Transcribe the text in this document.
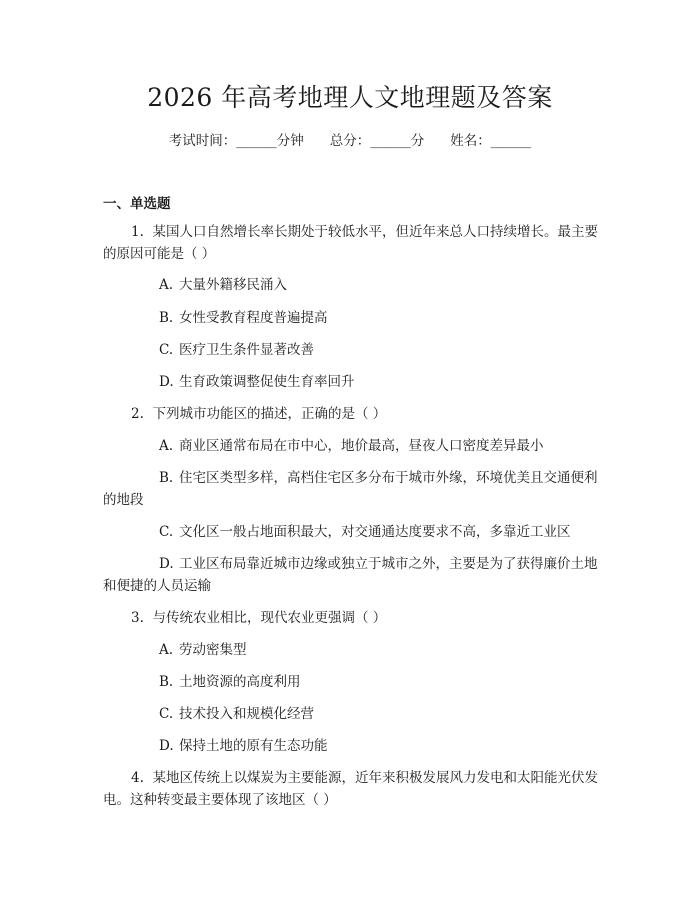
2026 年高考地理人文地理题及答案
考试时间：______分钟 总分：______分 姓名：______
一、单选题
1. 某国人口自然增长率长期处于较低水平，但近年来总人口持续增长。最主要的原因可能是（ ）
A. 大量外籍移民涌入
B. 女性受教育程度普遍提高
C. 医疗卫生条件显著改善
D. 生育政策调整促使生育率回升
2. 下列城市功能区的描述，正确的是（ ）
A. 商业区通常布局在市中心，地价最高，昼夜人口密度差异最小
B. 住宅区类型多样，高档住宅区多分布于城市外缘，环境优美且交通便利的地段
C. 文化区一般占地面积最大，对交通通达度要求不高，多靠近工业区
D. 工业区布局靠近城市边缘或独立于城市之外，主要是为了获得廉价土地和便捷的人员运输
3. 与传统农业相比，现代农业更强调（ ）
A. 劳动密集型
B. 土地资源的高度利用
C. 技术投入和规模化经营
D. 保持土地的原有生态功能
4. 某地区传统上以煤炭为主要能源，近年来积极发展风力发电和太阳能光伏发电。这种转变最主要体现了该地区（ ）
